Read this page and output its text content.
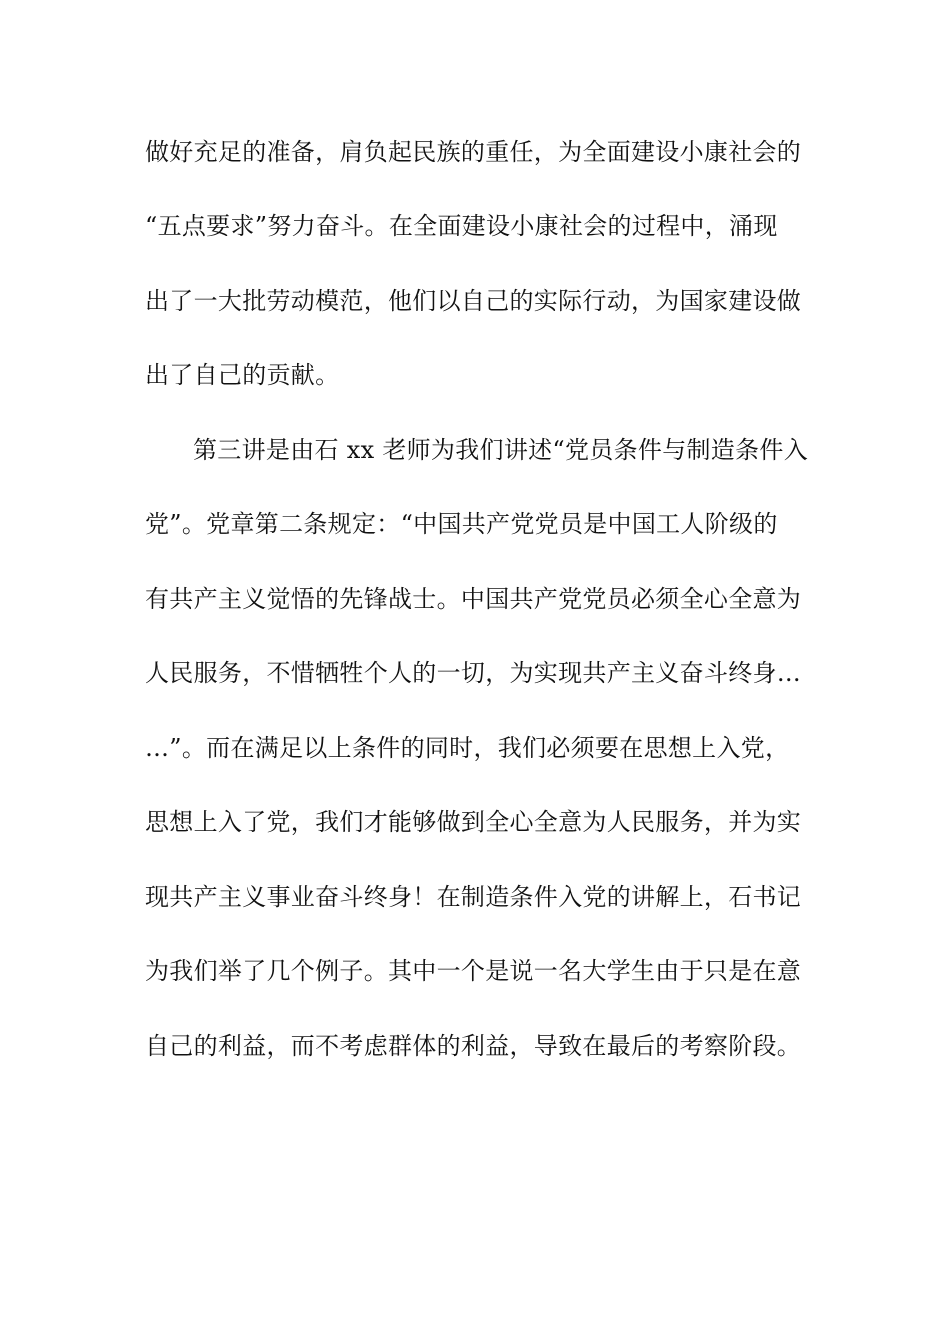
做好充足的准备，肩负起民族的重任，为全面建设小康社会的

“五点要求”努力奋斗。在全面建设小康社会的过程中，涌现

出了一大批劳动模范，他们以自己的实际行动，为国家建设做

出了自己的贡献。

第三讲是由石 xx 老师为我们讲述“党员条件与制造条件入

党”。党章第二条规定：“中国共产党党员是中国工人阶级的

有共产主义觉悟的先锋战士。中国共产党党员必须全心全意为

人民服务，不惜牺牲个人的一切，为实现共产主义奋斗终身…

…”。而在满足以上条件的同时，我们必须要在思想上入党，

思想上入了党，我们才能够做到全心全意为人民服务，并为实

现共产主义事业奋斗终身！在制造条件入党的讲解上，石书记

为我们举了几个例子。其中一个是说一名大学生由于只是在意

自己的利益，而不考虑群体的利益，导致在最后的考察阶段。
